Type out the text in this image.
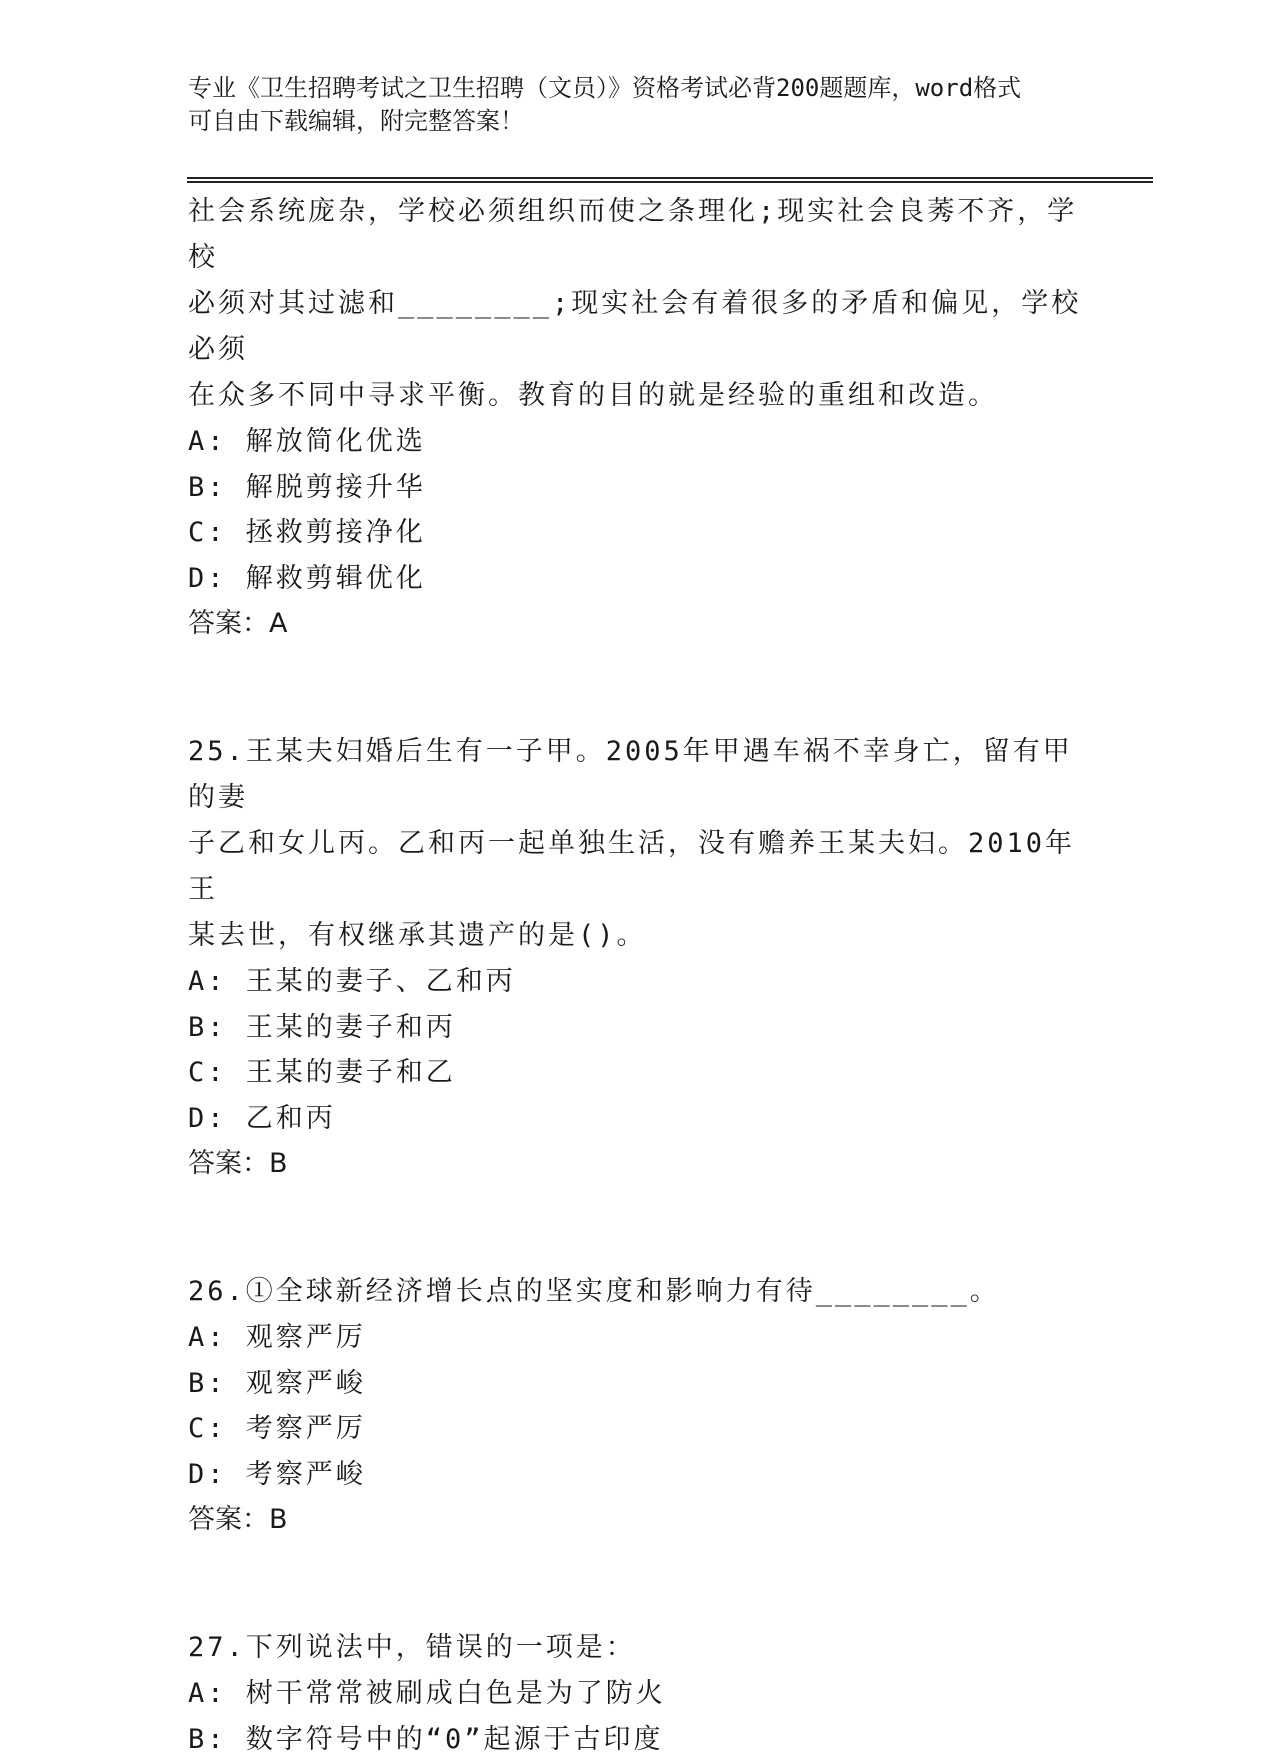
专业《卫生招聘考试之卫生招聘（文员）》资格考试必背200题题库，word格式
可自由下载编辑，附完整答案！

社会系统庞杂，学校必须组织而使之条理化;现实社会良莠不齐，学校

必须对其过滤和________;现实社会有着很多的矛盾和偏见，学校必须

在众多不同中寻求平衡。教育的目的就是经验的重组和改造。

A: 解放简化优选

B: 解脱剪接升华

C: 拯救剪接净化

D: 解救剪辑优化

答案：A

25.王某夫妇婚后生有一子甲。2005年甲遇车祸不幸身亡，留有甲的妻

子乙和女儿丙。乙和丙一起单独生活，没有赡养王某夫妇。2010年王

某去世，有权继承其遗产的是()。

A: 王某的妻子、乙和丙

B: 王某的妻子和丙

C: 王某的妻子和乙

D: 乙和丙

答案：B

26.①全球新经济增长点的坚实度和影响力有待________。

A: 观察严厉

B: 观察严峻

C: 考察严厉

D: 考察严峻

答案：B

27.下列说法中，错误的一项是：

A: 树干常常被刷成白色是为了防火

B: 数字符号中的“0”起源于古印度
